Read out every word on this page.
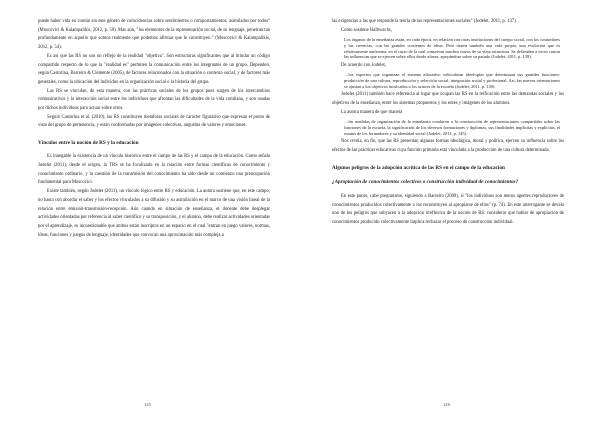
puede haber vida en común sin este género de coincidencias sobre sentimientos o comportamientos, asimilados por todos" (Moscovici & Kalampalikis, 2012, p. 50). Mas aún, "los elementos de la representación social, de su lenguaje, penetran tan profundamente en aquello que somos realmente que podemos afirmar que le constituyen." (Moscovici & Kalampalikis, 2012, p. 54).

Es así que las RS no son un reflejo de la realidad "objetiva". Son estructuras significantes que al brindar un código compartido respecto de lo que la "realidad es" permiten la comunicación entre los integrantes de un grupo. Dependen, según Castorina, Barreiro & Clemente (2005), de factores relacionados con la situación o contexto social, y de factores más generales, como la ubicación del individuo en la organización social o la historia del grupo.

Las RS se vinculan, de esta manera, con las prácticas sociales de los grupos pues surgen de los intercambios comunicativos y la interacción social entre los individuos que afrontan las dificultades de la vida cotidiana, y son usadas por dichos individuos para actuar sobre otros.

Seguin Castorina et al. (2010), las RS constituyen metáforas sociales de carácter figurativo que expresan el punto de vista del grupo de pertenencia, y están conformadas por imágenes colectivas, anguidas de valores y emociones.

Vínculos entre la noción de RS y la educación

Es innegable la existencia de un vínculo histórico entre el campo de las RS y el campo de la educación. Como señala Jodelet (2011), desde el origen, la TRS se ha focalizado en la relación entre formas científicas de conocimiento y conocimiento ordinario, y la cuestión de la transmisión del conocimiento ha sido desde un comienzo una preocupación fundamental para Moscovici.

Existe también, según Jodelet (2011), un vínculo lógico entre RS y educación. La autora sostiene que, en este campo, no basta con abordar el saber y los efectos vinculados a su difusión y su asimilación en el marco de una visión lineal de la relación entre emisión-transmisión-recepción. Aún cuando en situación de enseñanza, el docente debe desplegar actividades orientadas por referencia al saber científico y su transposición, y el alumno, debe realizar actividades orientadas por el aprendizaje, es incuestionable que ambos están inscriptos en un espacio en el cual "entran en juego valores, normas, ideas, funciones y juegos de lenguaje, identidades que convocan una aproximación más compleja a

125

las exigencias a las que responde la teoría de las representaciones sociales" (Jodelet, 2011, p. 137).

Como sostiene Halbwachs,

Los órganos de la enseñanza están, en cada época, en relación con otras instituciones del cuerpo social, con los costumbres y las creencias, con las grandes corrientes de ideas. Pero tienen también una vida propia, una evolución que es relativamente autónoma, en el curso de la cual conservan muchos trazos de su vieja estructura. Se defienden a veces contra las influencias que se ejercen sobre ellos desde afuera, apoyándose sobre su pasado (Jodelet, 2011, p. 139).

De acuerdo con Jodelet,

…los expertos que organizan el sistema educativo vehiculizan ideologías que determinan sus grandes funciones: producción de una cultura, reproducción y selección social, integración social y profesional. Así, las nuevas orientaciones se ajustan a los objetivos inculcados a los actores de la escuela (Jodelet, 2011, p. 139).

Jodelet (2011) también hace referencia al lugar que ocupan las RS en la reificación entre las demandas sociales y los objetivos de la enseñanza, entre los sistemas propuestos y los entes y imágenes de los alumnos.

La autora manera de que manera

…las medidas de organización de la enseñanza conducen a la construcción de representaciones compartidas sobre las funciones de la escuela, la significación de los diversos formaciones y diplomas, sus finalidades implícitas y explícitas, el estatus de los formadores y su identidad social (Jodelet, 2011, p. 145).

Nos revela, en fin, que las RS presentan algunas formas ideológica, moral y política, ejercen su influencia sobre los efectos de las prácticas educativas cuya función primaria está vinculada a la producción de una cultura determinada.

Algunos peligros de la adopción acrítica de las RS en el campo de la educación
¿Apropiación de conocimientos colectivos o construcción individual de conocimientos?

En este punto, cabe preguntarse, siguiendo a Barreiro (2009), si "los individuos son meros agentes reproductores de conocimientos producidos colectivamente o los reconstruyen al apropiarse de ellos" (p. 74). En este interrogante se devela uno de los peligros que subyacen a la adopción irreflexiva de la noción de RS: considerar que hablar de apropiación de conocimientos producido colectivamente implica rechazar el proceso de construcción individual.

126
